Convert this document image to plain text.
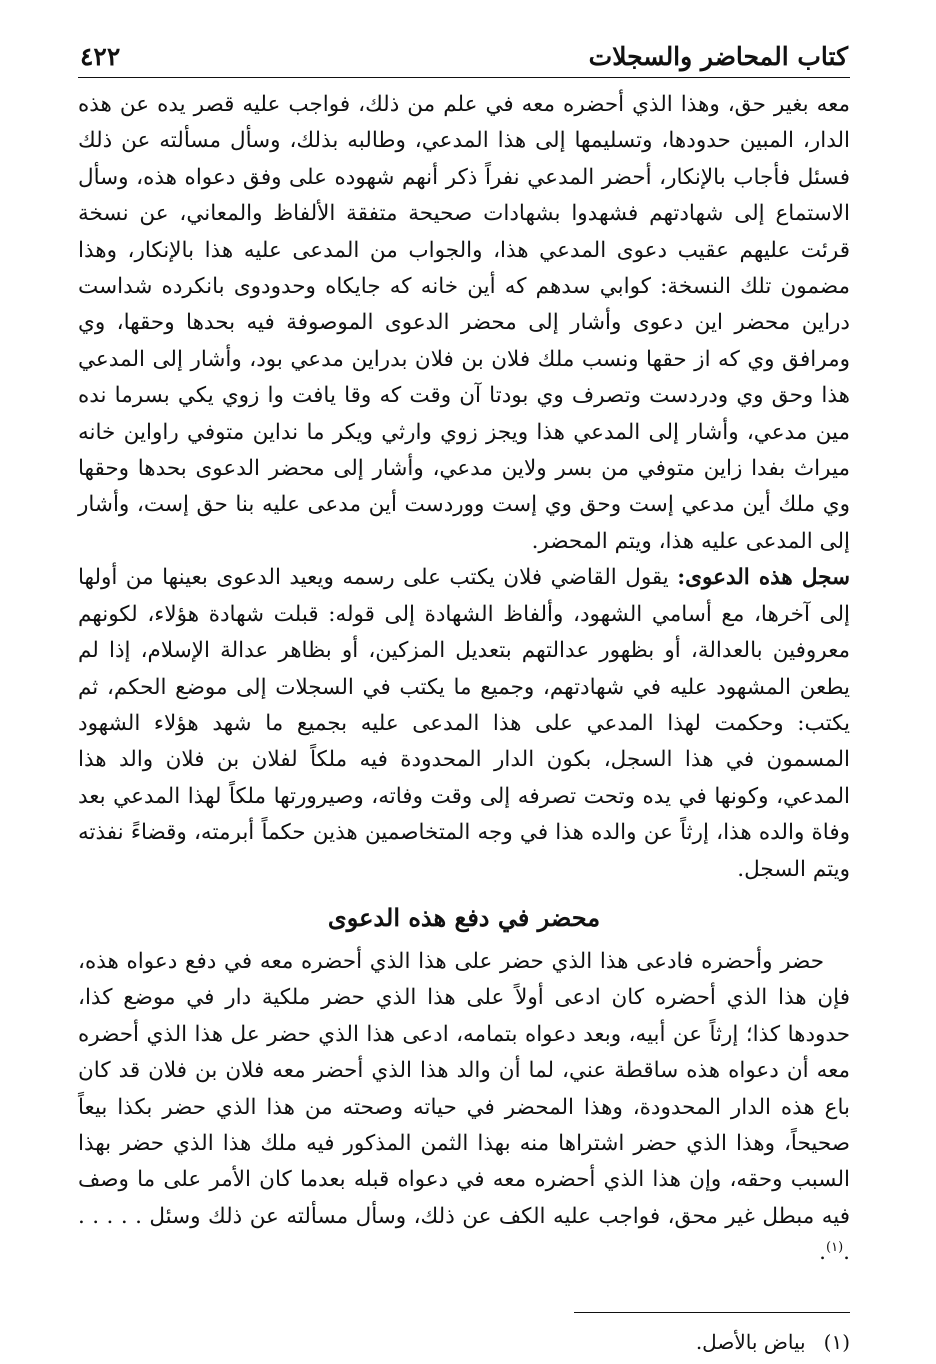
كتاب المحاضر والسجلات
٤٢٢

معه بغير حق، وهذا الذي أحضره معه في علم من ذلك، فواجب عليه قصر يده عن هذه الدار، المبين حدودها، وتسليمها إلى هذا المدعي، وطالبه بذلك، وسأل مسألته عن ذلك فسئل فأجاب بالإنكار، أحضر المدعي نفراً ذكر أنهم شهوده على وفق دعواه هذه، وسأل الاستماع إلى شهادتهم فشهدوا بشهادات صحيحة متفقة الألفاظ والمعاني، عن نسخة قرئت عليهم عقيب دعوى المدعي هذا، والجواب من المدعى عليه هذا بالإنكار، وهذا مضمون تلك النسخة: كوابي سدهم كه أين خانه كه جايكاه وحدودوى بانكرده شداست دراين محضر اين دعوى وأشار إلى محضر الدعوى الموصوفة فيه بحدها وحقها، وي ومرافق وي كه از حقها ونسب ملك فلان بن فلان بدراين مدعي بود، وأشار إلى المدعي هذا وحق وي ودردست وتصرف وي بودتا آن وقت كه وقا يافت وا زوي يكي بسرما نده مين مدعي، وأشار إلى المدعي هذا ويجز زوي وارثي ويكر ما نداين متوفي راواين خانه ميراث بفدا زاين متوفي من بسر ولاين مدعي، وأشار إلى محضر الدعوى بحدها وحقها وي ملك أين مدعي إست وحق وي إست ووردست أين مدعى عليه بنا حق إست، وأشار إلى المدعى عليه هذا، ويتم المحضر.

سجل هذه الدعوى: يقول القاضي فلان يكتب على رسمه ويعيد الدعوى بعينها من أولها إلى آخرها، مع أسامي الشهود، وألفاظ الشهادة إلى قوله: قبلت شهادة هؤلاء، لكونهم معروفين بالعدالة، أو بظهور عدالتهم بتعديل المزكين، أو بظاهر عدالة الإسلام، إذا لم يطعن المشهود عليه في شهادتهم، وجميع ما يكتب في السجلات إلى موضع الحكم، ثم يكتب: وحكمت لهذا المدعي على هذا المدعى عليه بجميع ما شهد هؤلاء الشهود المسمون في هذا السجل، بكون الدار المحدودة فيه ملكاً لفلان بن فلان والد هذا المدعي، وكونها في يده وتحت تصرفه إلى وقت وفاته، وصيرورتها ملكاً لهذا المدعي بعد وفاة والده هذا، إرثاً عن والده هذا في وجه المتخاصمين هذين حكماً أبرمته، وقضاءً نفذته ويتم السجل.

محضر في دفع هذه الدعوى

حضر وأحضره فادعى هذا الذي حضر على هذا الذي أحضره معه في دفع دعواه هذه، فإن هذا الذي أحضره كان ادعى أولاً على هذا الذي حضر ملكية دار في موضع كذا، حدودها كذا؛ إرثاً عن أبيه، وبعد دعواه بتمامه، ادعى هذا الذي حضر عل هذا الذي أحضره معه أن دعواه هذه ساقطة عني، لما أن والد هذا الذي أحضر معه فلان بن فلان قد كان باع هذه الدار المحدودة، وهذا المحضر في حياته وصحته من هذا الذي حضر بكذا بيعاً صحيحاً، وهذا الذي حضر اشتراها منه بهذا الثمن المذكور فيه ملك هذا الذي حضر بهذا السبب وحقه، وإن هذا الذي أحضره معه في دعواه قبله بعدما كان الأمر على ما وصف فيه مبطل غير محق، فواجب عليه الكف عن ذلك، وسأل مسألته عن ذلك وسئل . . . . . .$^{(١)}$.

(١)بياض بالأصل.
